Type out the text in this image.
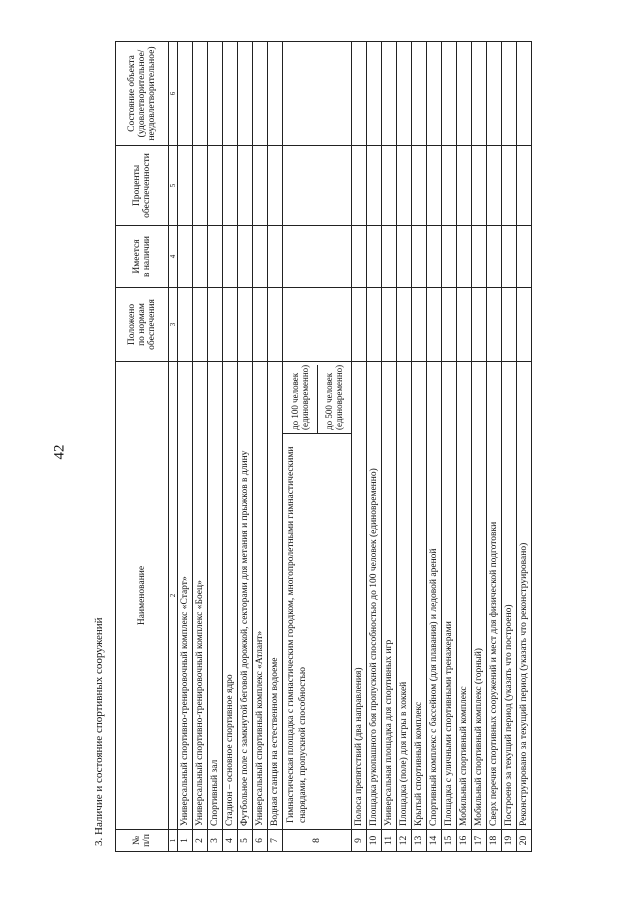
42
3. Наличие и состояние спортивных сооружений	№
п/п	Наименование	Положено
по нормам
обеспечения	Имеется
в наличии	Проценты
обеспеченности	Состояние объекта
(удовлетворительное/
неудовлетворительное)
1	2	3	4	5	6
1	Универсальный спортивно-тренировочный комплекс «Старт»				
2	Универсальный спортивно-тренировочный комплекс «Боец»				
3	Спортивный зал				
4	Стадион – основное спортивное ядро				
5	Футбольное поле с замкнутой беговой дорожкой, секторами для метания и прыжков в длину				
6	Универсальный спортивный комплекс «Атлант»				
7	Водная станция на естественном водоеме				
8	Гимнастическая площадка с гимнастическим городком, многопролетными гимнастическими снарядами, пропускной способностью
до 100 человек (единовременно) до 500 человек (единовременно)				

9	Полоса препятствий (два направления)				
10	Площадка рукопашного боя пропускной способностью до 100 человек (единовременно)				
11	Универсальная площадка для спортивных игр				
12	Площадка (поле) для игры в хоккей				
13	Крытый спортивный комплекс				
14	Спортивный комплекс с бассейном (для плавания) и ледовой ареной				
15	Площадка с уличными спортивными тренажерами				
16	Мобильный спортивный комплекс				
17	Мобильный спортивный комплекс (горный)				
18	Сверх перечня спортивных сооружений и мест для физической подготовки				
19	Построено за текущий период (указать что построено)				
20	Реконструировано за текущий период (указать что реконструировано)				
